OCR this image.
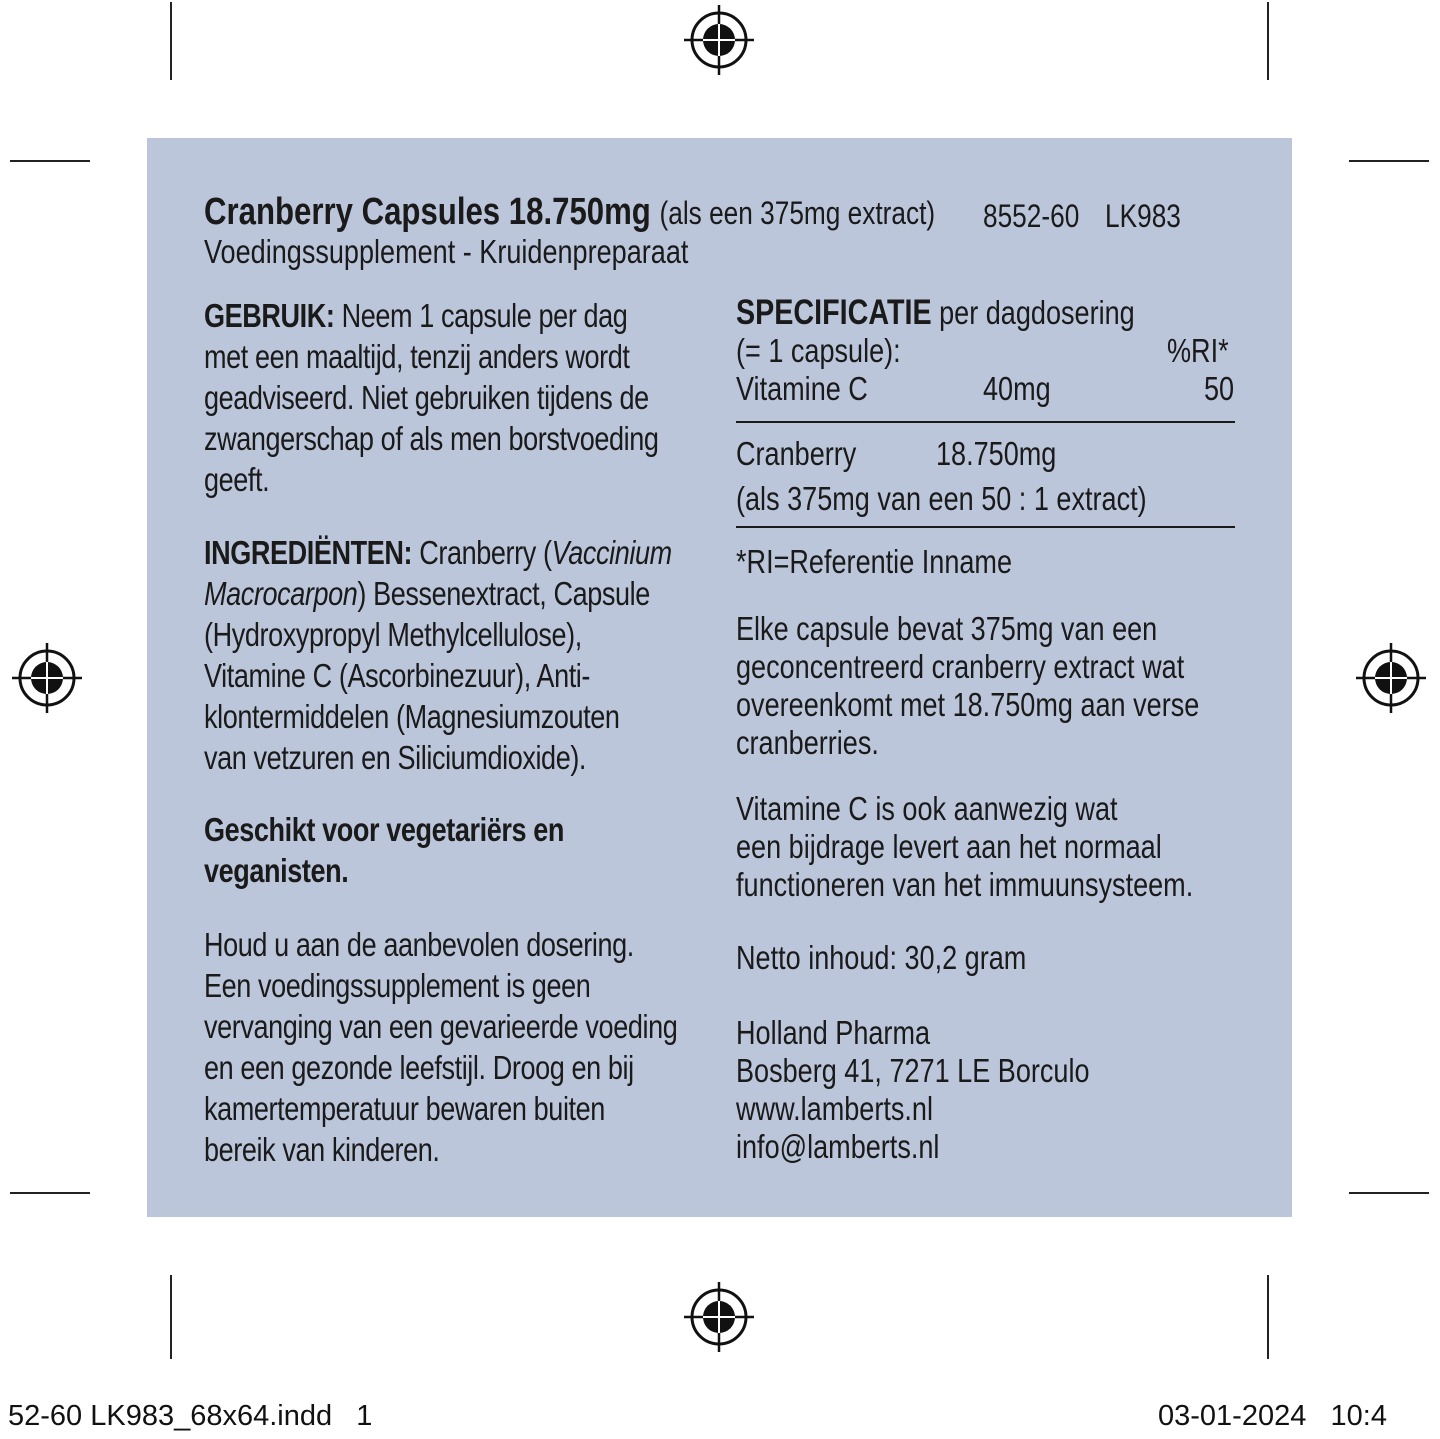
Cranberry Capsules 18.750mg (als een 375mg extract) 8552-60 LK983
Voedingssupplement - Kruidenpreparaat
GEBRUIK: Neem 1 capsule per dag
met een maaltijd, tenzij anders wordt
geadviseerd. Niet gebruiken tijdens de
zwangerschap of als men borstvoeding
geeft.
INGREDIËNTEN: Cranberry (Vaccinium
Macrocarpon) Bessenextract, Capsule
(Hydroxypropyl Methylcellulose),
Vitamine C (Ascorbinezuur), Anti-
klontermiddelen (Magnesiumzouten
van vetzuren en Siliciumdioxide).
Geschikt voor vegetariërs en
veganisten.
Houd u aan de aanbevolen dosering.
Een voedingssupplement is geen
vervanging van een gevarieerde voeding
en een gezonde leefstijl. Droog en bij
kamertemperatuur bewaren buiten
bereik van kinderen.
SPECIFICATIE per dagdosering
(= 1 capsule):	%RI*
Vitamine C	40mg	50
Cranberry 18.750mg
(als 375mg van een 50 : 1 extract)
*RI=Referentie Inname
Elke capsule bevat 375mg van een
geconcentreerd cranberry extract wat
overeenkomt met 18.750mg aan verse
cranberries.
Vitamine C is ook aanwezig wat
een bijdrage levert aan het normaal
functioneren van het immuunsysteem.
Netto inhoud: 30,2 gram
Holland Pharma
Bosberg 41, 7271 LE Borculo
www.lamberts.nl
info@lamberts.nl
52-60 LK983_68x64.indd   1	03-01-2024   10:4
